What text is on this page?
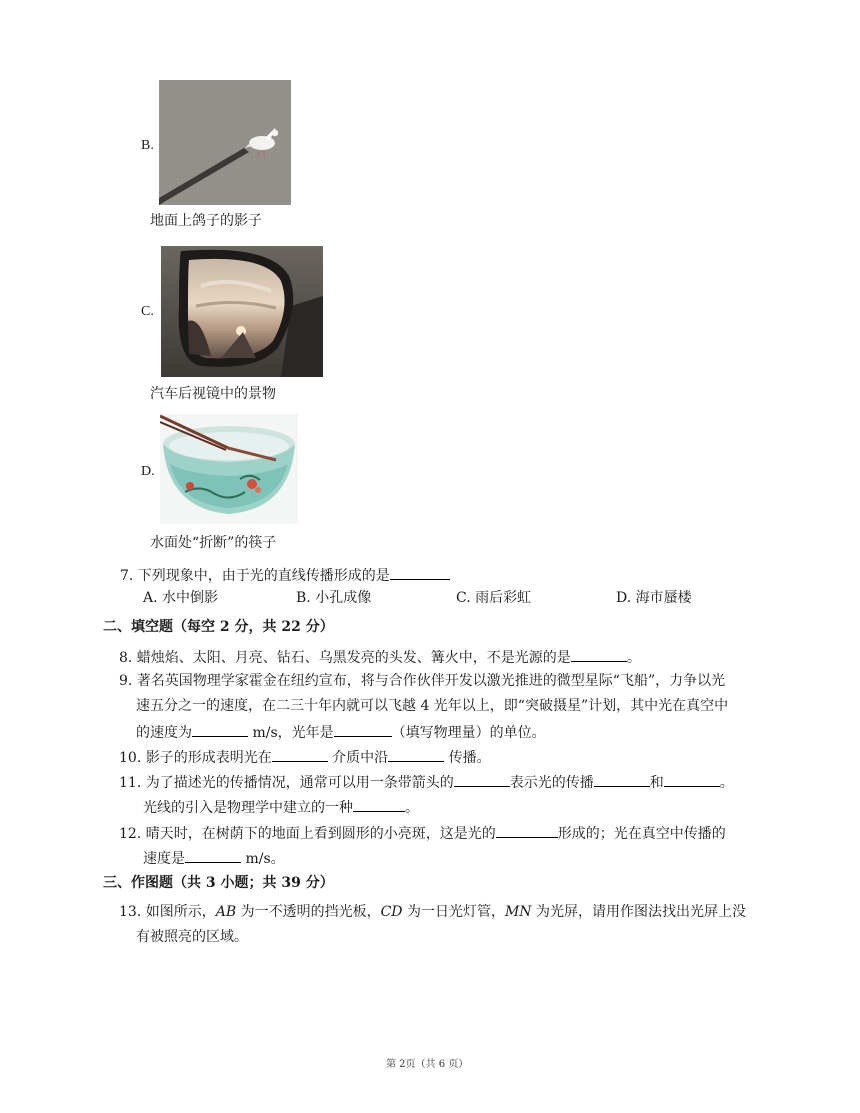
B.
地面上鸽子的影子
C.
汽车后视镜中的景物
D.
水面处“折断”的筷子
7. 下列现象中，由于光的直线传播形成的是
A. 水中倒影	B. 小孔成像	C. 雨后彩虹	D. 海市蜃楼
二、填空题（每空 2 分，共 22 分）
8. 蜡烛焰、太阳、月亮、钻石、乌黑发亮的头发、篝火中，不是光源的是	。
9. 著名英国物理学家霍金在纽约宣布，将与合作伙伴开发以激光推进的微型星际“飞船”，力争以光
速五分之一的速度，在二三十年内就可以飞越 4 光年以上，即“突破摄星”计划，其中光在真空中
的速度为	m/s，光年是	（填写物理量）的单位。
10. 影子的形成表明光在	介质中沿	传播。
11. 为了描述光的传播情况，通常可以用一条带箭头的	表示光的传播	和	。
光线的引入是物理学中建立的一种	。
12. 晴天时，在树荫下的地面上看到圆形的小亮斑，这是光的	形成的；光在真空中传播的
速度是	m/s。
三、作图题（共 3 小题；共 39 分）
13. 如图所示，AB 为一不透明的挡光板，CD 为一日光灯管，MN 为光屏，请用作图法找出光屏上没
有被照亮的区域。
第 2页（共 6 页）
